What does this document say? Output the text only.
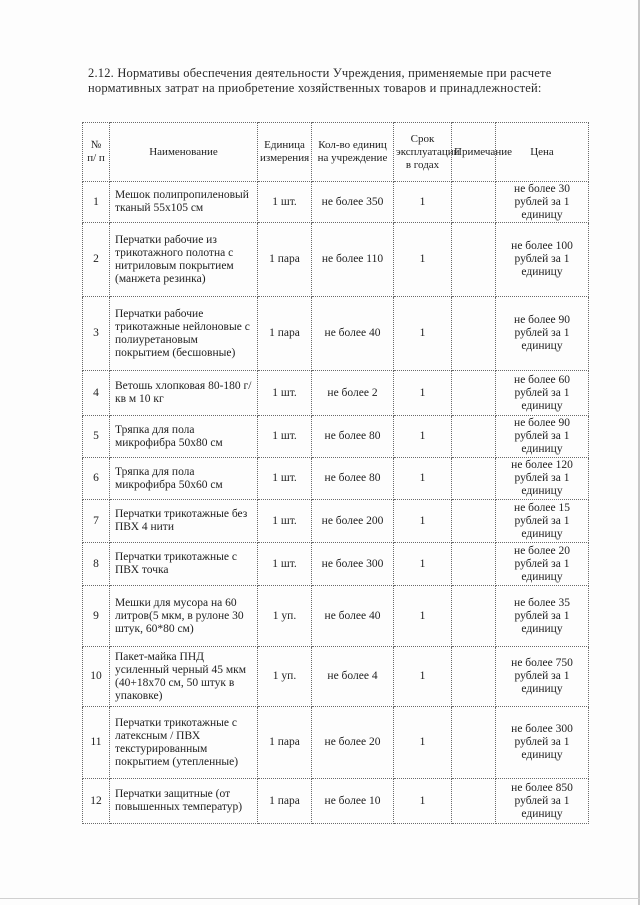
2.12. Нормативы обеспечения деятельности Учреждения, применяемые при расчете
нормативных затрат на приобретение хозяйственных товаров и принадлежностей:
№ п/ п	Наименование	Единица измерения	Кол-во единиц на учреждение	Срок эксплуатации в годах	Примечание	Цена
1	Мешок полипропиленовый тканый 55х105 см	1 шт.	не более 350	1		не более 30 рублей за 1 единицу
2	Перчатки рабочие из трикотажного полотна с нитриловым покрытием (манжета резинка)	1 пара	не более 110	1		не более 100 рублей за 1 единицу
3	Перчатки рабочие трикотажные нейлоновые с полиуретановым покрытием (бесшовные)	1 пара	не более 40	1		не более 90 рублей за 1 единицу
4	Ветошь хлопковая 80-180 г/кв м 10 кг	1 шт.	не более 2	1		не более 60 рублей за 1 единицу
5	Тряпка для пола микрофибра 50х80 см	1 шт.	не более 80	1		не более 90 рублей за 1 единицу
6	Тряпка для пола микрофибра 50х60 см	1 шт.	не более 80	1		не более 120 рублей за 1 единицу
7	Перчатки трикотажные без ПВХ 4 нити	1 шт.	не более 200	1		не более 15 рублей за 1 единицу
8	Перчатки трикотажные с ПВХ точка	1 шт.	не более 300	1		не более 20 рублей за 1 единицу
9	Мешки для мусора на 60 литров(5 мкм, в рулоне 30 штук, 60*80 см)	1 уп.	не более 40	1		не более 35 рублей за 1 единицу
10	Пакет-майка ПНД усиленный черный 45 мкм (40+18х70 см, 50 штук в упаковке)	1 уп.	не более 4	1		не более 750 рублей за 1 единицу
11	Перчатки трикотажные с латексным / ПВХ текстурированным покрытием (утепленные)	1 пара	не более 20	1		не более 300 рублей за 1 единицу
12	Перчатки защитные (от повышенных температур)	1 пара	не более 10	1		не более 850 рублей за 1 единицу
